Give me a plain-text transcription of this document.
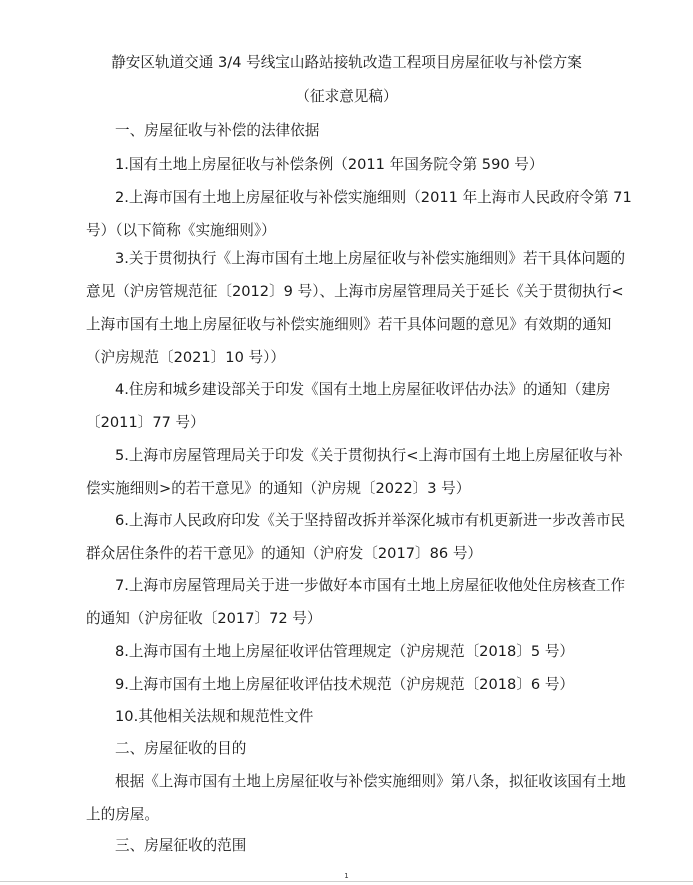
静安区轨道交通 3/4 号线宝山路站接轨改造工程项目房屋征收与补偿方案
（征求意见稿）
一、房屋征收与补偿的法律依据

1.国有土地上房屋征收与补偿条例（2011 年国务院令第 590 号）

2.上海市国有土地上房屋征收与补偿实施细则（2011 年上海市人民政府令第 71 号）（以下简称《实施细则》）

3.关于贯彻执行《上海市国有土地上房屋征收与补偿实施细则》若干具体问题的意见（沪房管规范征〔2012〕9 号）、上海市房屋管理局关于延长《关于贯彻执行<上海市国有土地上房屋征收与补偿实施细则》若干具体问题的意见》有效期的通知（沪房规范〔2021〕10 号））

4.住房和城乡建设部关于印发《国有土地上房屋征收评估办法》的通知（建房〔2011〕77 号）

5.上海市房屋管理局关于印发《关于贯彻执行<上海市国有土地上房屋征收与补偿实施细则>的若干意见》的通知（沪房规〔2022〕3 号）

6.上海市人民政府印发《关于坚持留改拆并举深化城市有机更新进一步改善市民群众居住条件的若干意见》的通知（沪府发〔2017〕86 号）

7.上海市房屋管理局关于进一步做好本市国有土地上房屋征收他处住房核查工作的通知（沪房征收〔2017〕72 号）

8.上海市国有土地上房屋征收评估管理规定（沪房规范〔2018〕5 号）

9.上海市国有土地上房屋征收评估技术规范（沪房规范〔2018〕6 号）

10.其他相关法规和规范性文件

二、房屋征收的目的

根据《上海市国有土地上房屋征收与补偿实施细则》第八条，拟征收该国有土地上的房屋。

三、房屋征收的范围
1
